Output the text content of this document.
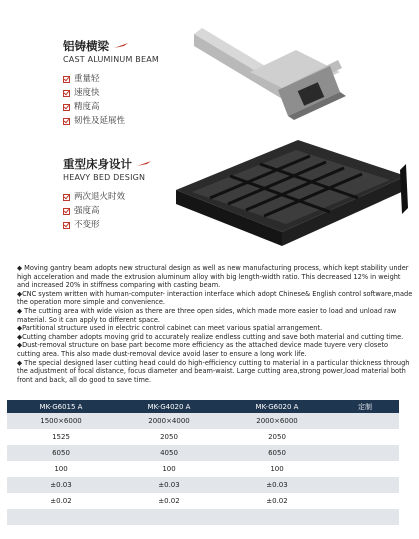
铝铸横梁
CAST ALUMINUM BEAM
重量轻
速度快
精度高
韧性及延展性
重型床身设计
HEAVY BED DESIGN
两次退火时效
强度高
不变形

◆ Moving gantry beam adopts new structural design as well as new manufacturing process, which kept stability under high acceleration and made the extrusion aluminum alloy with big length-width ratio. This decreased 12% in weight and increased 20% in stiffness comparing with casting beam.

◆CNC system written with human-computer- interaction interface which adopt Chinese& English control software,made the operation more simple and convenience.

◆ The cutting area with wide vision as there are three open sides, which made more easier to load and unload raw material. So it can apply to different space.

◆Partitional structure used in electric control cabinet can meet various spatial arrangement.

◆Cutting chamber adopts moving grid to accurately realize endless cutting and save both material and cutting time.

◆Dust-removal structure on base part become more efficiency as the attached device made tuyere very closeto cutting area. This also made dust-removal device avoid laser to ensure a long work life.

◆ The special designed laser cutting head could do high-efficiency cutting to material in a particular thickness through the adjustment of focal distance, focus diameter and beam-waist. Large cutting area,strong power,load material both front and back, all do good to save time.

MK-G6015 A	MK-G4020 A	MK-G6020 A	定制
1500×6000	2000×4000	2000×6000	
1525	2050	2050	
6050	4050	6050	
100	100	100	
±0.03	±0.03	±0.03	
±0.02	±0.02	±0.02	
